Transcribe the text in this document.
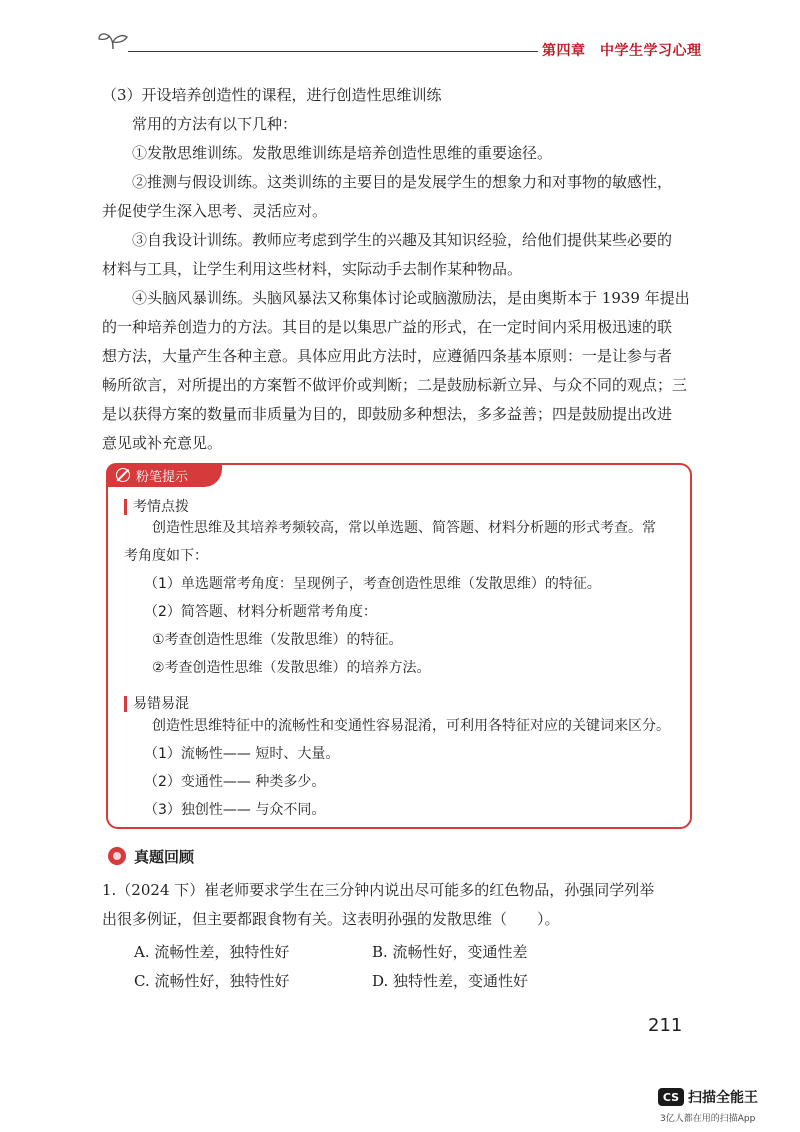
第四章　中学生学习心理
（3）开设培养创造性的课程，进行创造性思维训练
常用的方法有以下几种：
①发散思维训练。发散思维训练是培养创造性思维的重要途径。
②推测与假设训练。这类训练的主要目的是发展学生的想象力和对事物的敏感性，
并促使学生深入思考、灵活应对。
③自我设计训练。教师应考虑到学生的兴趣及其知识经验，给他们提供某些必要的
材料与工具，让学生利用这些材料，实际动手去制作某种物品。
④头脑风暴训练。头脑风暴法又称集体讨论或脑激励法，是由奥斯本于 1939 年提出
的一种培养创造力的方法。其目的是以集思广益的形式，在一定时间内采用极迅速的联
想方法，大量产生各种主意。具体应用此方法时，应遵循四条基本原则：一是让参与者
畅所欲言，对所提出的方案暂不做评价或判断；二是鼓励标新立异、与众不同的观点；三
是以获得方案的数量而非质量为目的，即鼓励多种想法，多多益善；四是鼓励提出改进
意见或补充意见。
粉笔提示
考情点拨
创造性思维及其培养考频较高，常以单选题、简答题、材料分析题的形式考查。常
考角度如下：
（1）单选题常考角度：呈现例子，考查创造性思维（发散思维）的特征。
（2）简答题、材料分析题常考角度：
①考查创造性思维（发散思维）的特征。
②考查创造性思维（发散思维）的培养方法。
易错易混
创造性思维特征中的流畅性和变通性容易混淆，可利用各特征对应的关键词来区分。
（1）流畅性—— 短时、大量。
（2）变通性—— 种类多少。
（3）独创性—— 与众不同。
真题回顾
1.（2024 下）崔老师要求学生在三分钟内说出尽可能多的红色物品，孙强同学列举
出很多例证，但主要都跟食物有关。这表明孙强的发散思维（　　）。
A. 流畅性差，独特性好	B. 流畅性好，变通性差
C. 流畅性好，独特性好	D. 独特性差，变通性好
211
CS 扫描全能王
3亿人都在用的扫描App
